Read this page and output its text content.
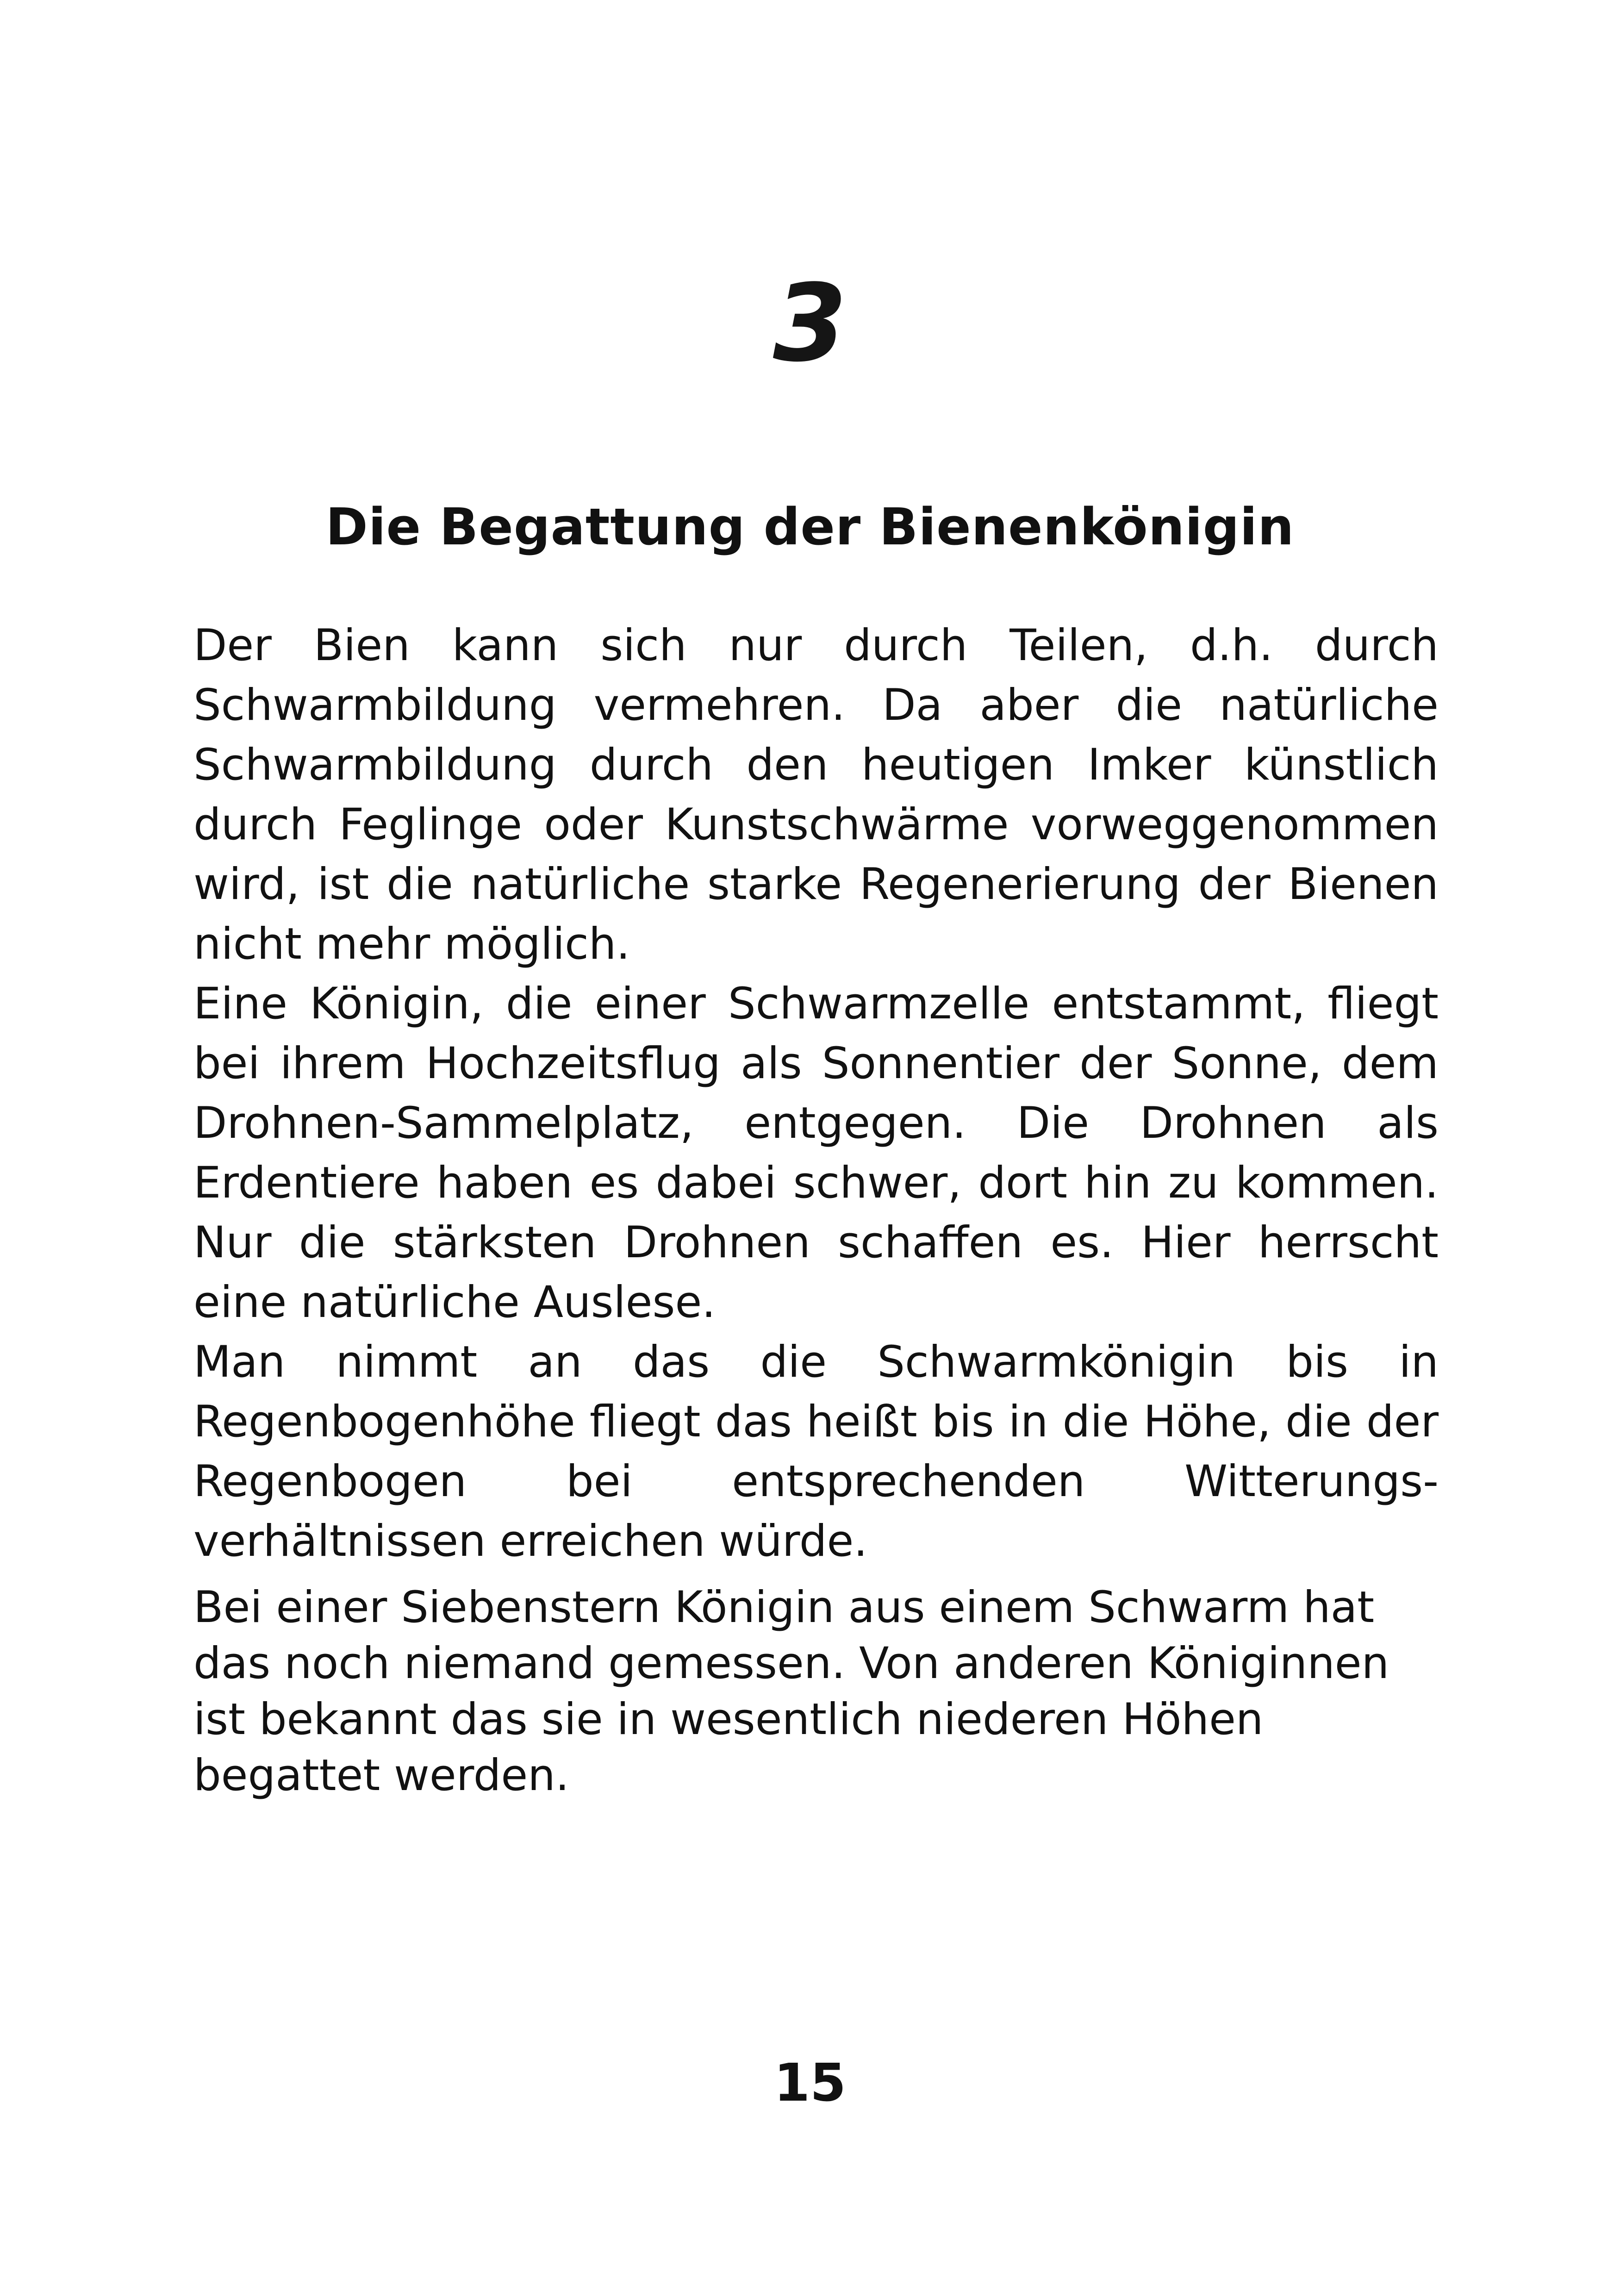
3
Die Begattung der Bienenkönigin

Der Bien kann sich nur durch Teilen, d.h. durch Schwarmbildung vermehren. Da aber die natürliche Schwarmbildung durch den heutigen Imker künstlich durch Feglinge oder Kunstschwärme vorweggenommen wird, ist die natürliche starke Regenerierung der Bienen nicht mehr möglich.

Eine Königin, die einer Schwarmzelle entstammt, fliegt bei ihrem Hochzeitsflug als Sonnentier der Sonne, dem Drohnen-Sammelplatz, entgegen. Die Drohnen als Erdentiere haben es dabei schwer, dort hin zu kommen. Nur die stärksten Drohnen schaffen es. Hier herrscht eine natürliche Auslese.

Man nimmt an das die Schwarmkönigin bis in Regenbogenhöhe fliegt das heißt bis in die Höhe, die der Regenbogen bei entsprechenden Witterungsverhältnissen erreichen würde.

Bei einer Siebenstern Königin aus einem Schwarm hat das noch niemand gemessen. Von anderen Königinnen ist bekannt das sie in wesentlich niederen Höhen begattet werden.

15
